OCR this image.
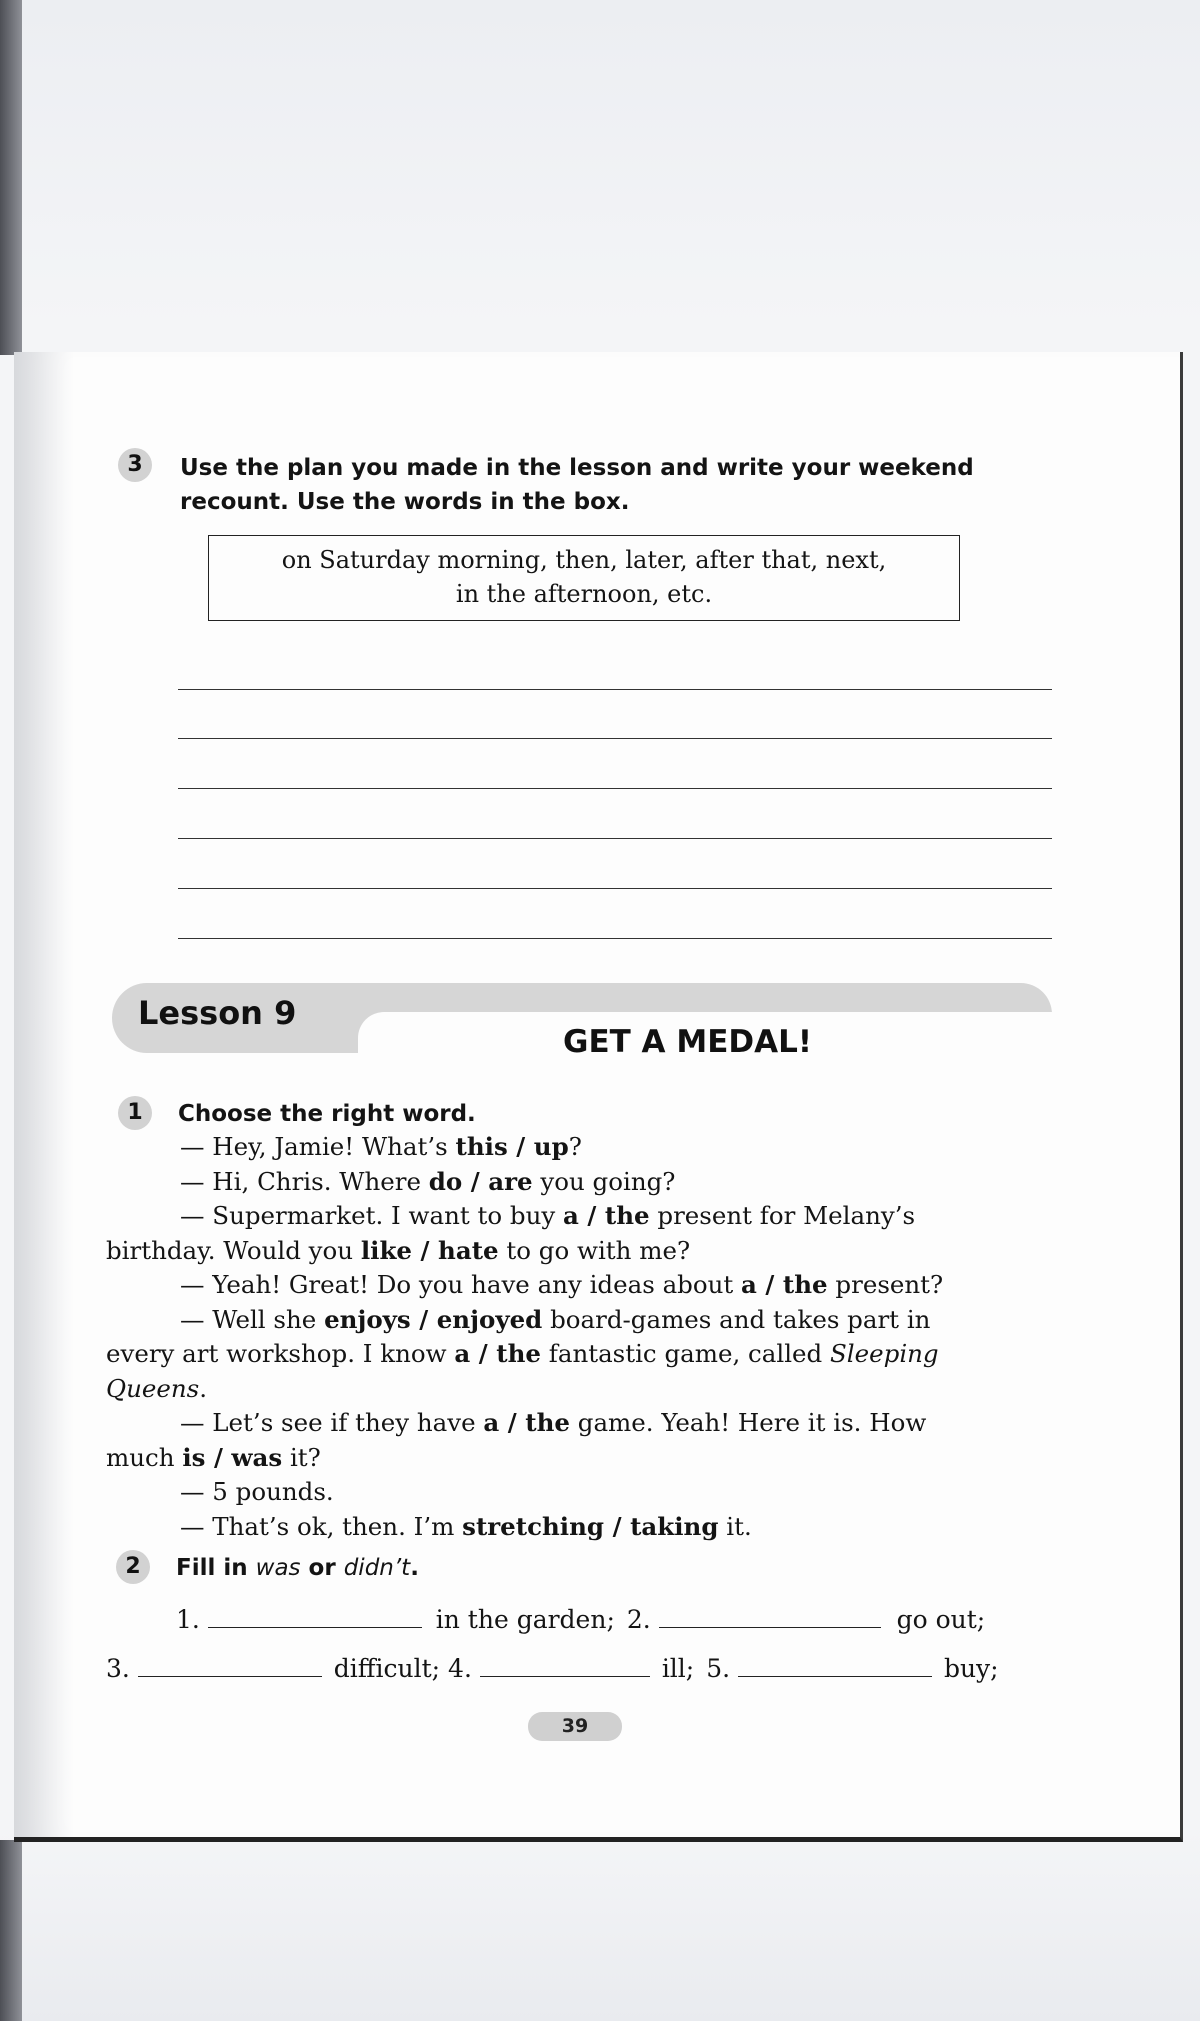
3	Use the plan you made in the lesson and write your weekend
recount. Use the words in the box.
on Saturday morning, then, later, after that, next,
in the afternoon, etc.
Lesson 9
GET A MEDAL!
1	Choose the right word.

— Hey, Jamie! What’s this / up?

— Hi, Chris. Where do / are you going?

— Supermarket. I want to buy a / the present for Melany’s

birthday. Would you like / hate to go with me?

— Yeah! Great! Do you have any ideas about a / the present?

— Well she enjoys / enjoyed board-games and takes part in

every art workshop. I know a / the fantastic game, called Sleeping

Queens.

— Let’s see if they have a / the game. Yeah! Here it is. How

much is / was it?

— 5 pounds.

— That’s ok, then. I’m stretching / taking it.

2	Fill in was or didn’t.
1.	in the garden; 2.	go out;
3.	difficult; 4.	ill; 5.	buy;
39
